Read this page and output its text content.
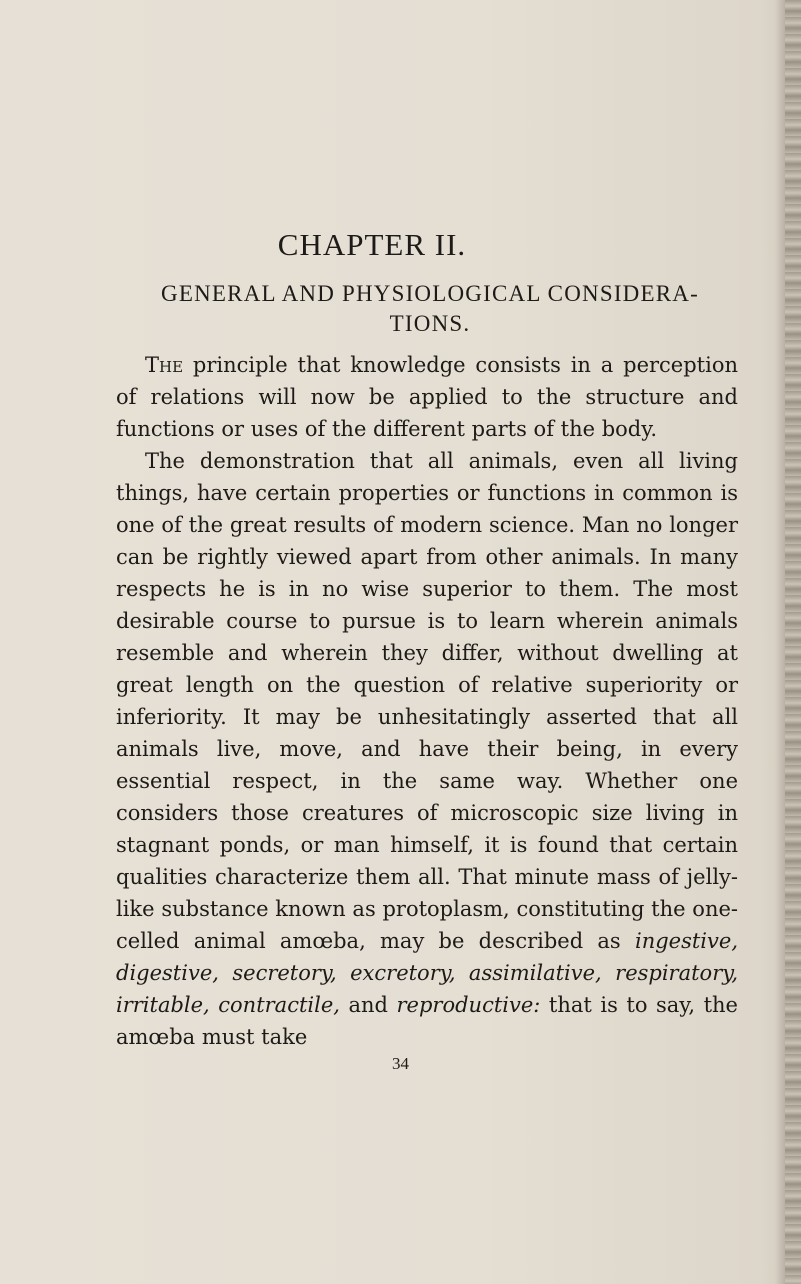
CHAPTER II.
GENERAL AND PHYSIOLOGICAL CONSIDERA- TIONS.

The principle that knowledge consists in a perception of relations will now be applied to the structure and functions or uses of the different parts of the body.

The demonstration that all animals, even all living things, have certain properties or functions in common is one of the great results of modern science. Man no longer can be rightly viewed apart from other animals. In many respects he is in no wise superior to them. The most desirable course to pursue is to learn wherein animals resemble and wherein they differ, without dwelling at great length on the question of relative superiority or inferiority. It may be unhesitatingly asserted that all animals live, move, and have their being, in every essential respect, in the same way. Whether one considers those creatures of microscopic size living in stagnant ponds, or man himself, it is found that certain qualities characterize them all. That minute mass of jelly-like substance known as protoplasm, constituting the one-celled animal amœba, may be described as ingestive, digestive, secretory, excretory, assimilative, respiratory, irritable, contractile, and reproductive: that is to say, the amœba must take

34
